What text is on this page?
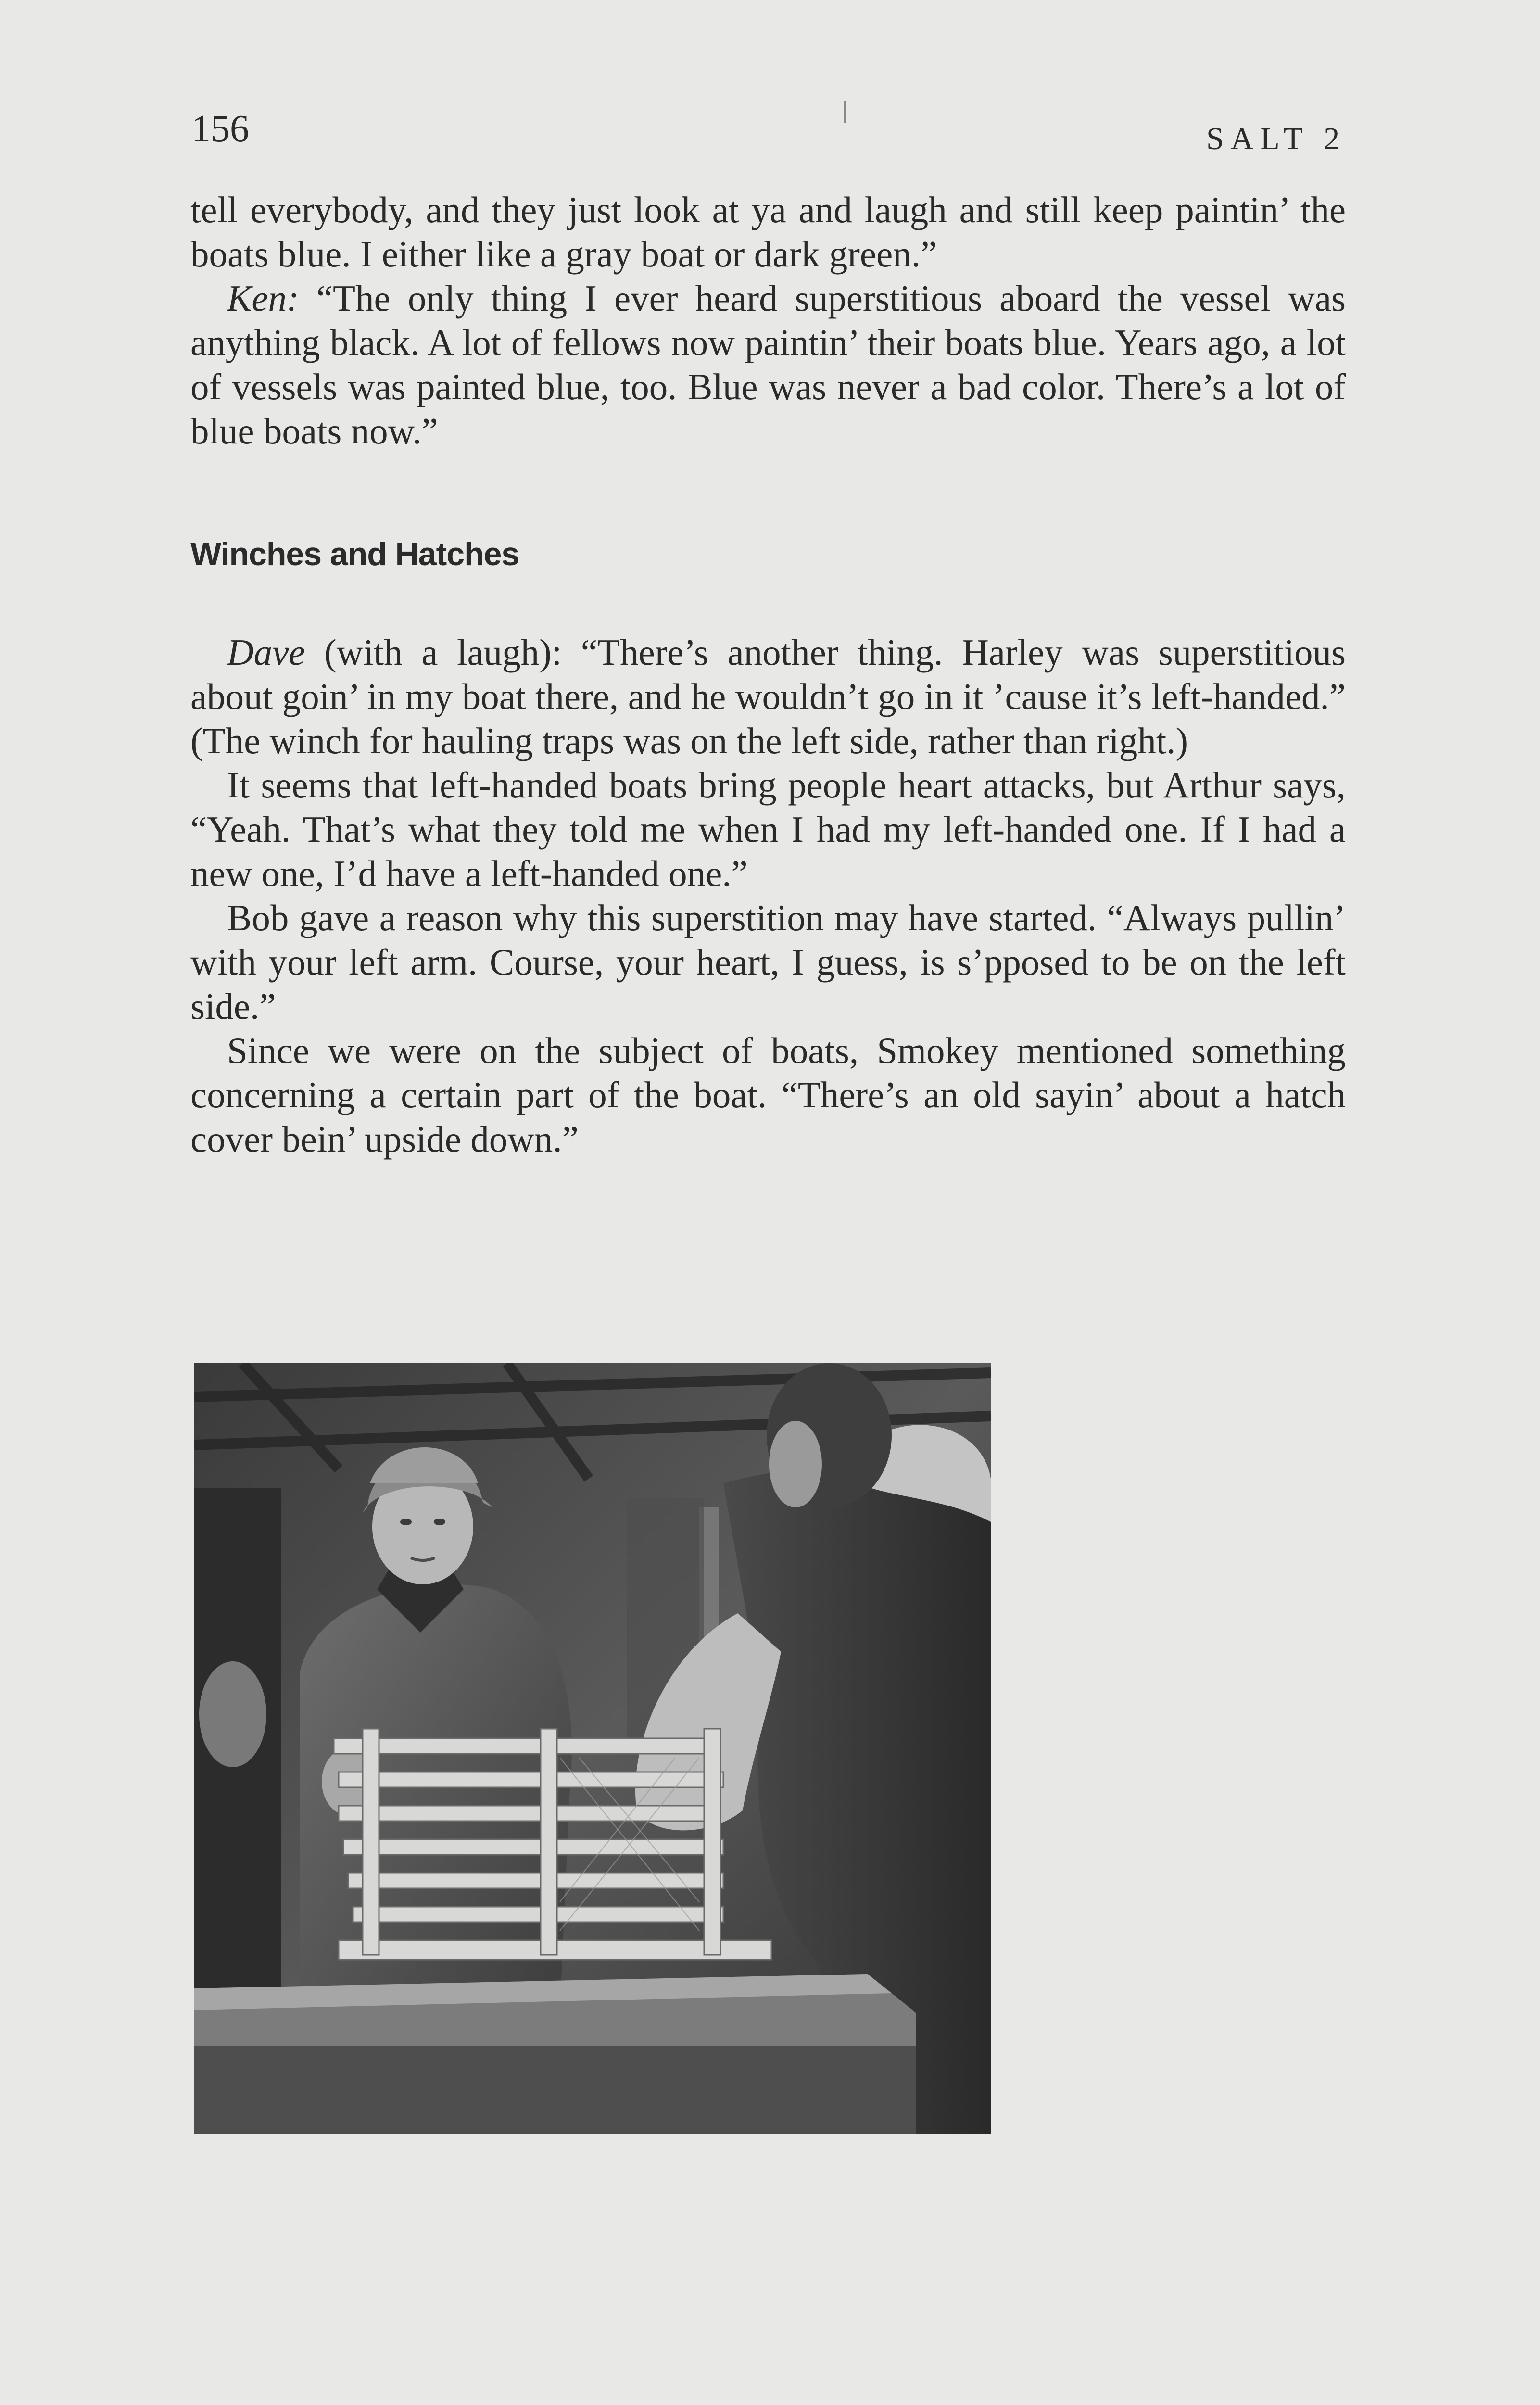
156	SALT 2

tell everybody, and they just look at ya and laugh and still keep paintin’ the boats blue. I either like a gray boat or dark green.”

Ken: “The only thing I ever heard superstitious aboard the vessel was anything black. A lot of fellows now paintin’ their boats blue. Years ago, a lot of vessels was painted blue, too. Blue was never a bad color. There’s a lot of blue boats now.”

Winches and Hatches

Dave (with a laugh): “There’s another thing. Harley was superstitious about goin’ in my boat there, and he wouldn’t go in it ’cause it’s left-handed.” (The winch for hauling traps was on the left side, rather than right.)

It seems that left-handed boats bring people heart attacks, but Arthur says, “Yeah. That’s what they told me when I had my left-handed one. If I had a new one, I’d have a left-handed one.”

Bob gave a reason why this superstition may have started. “Always pullin’ with your left arm. Course, your heart, I guess, is s’pposed to be on the left side.”

Since we were on the subject of boats, Smokey mentioned something concerning a certain part of the boat. “There’s an old sayin’ about a hatch cover bein’ upside down.”
